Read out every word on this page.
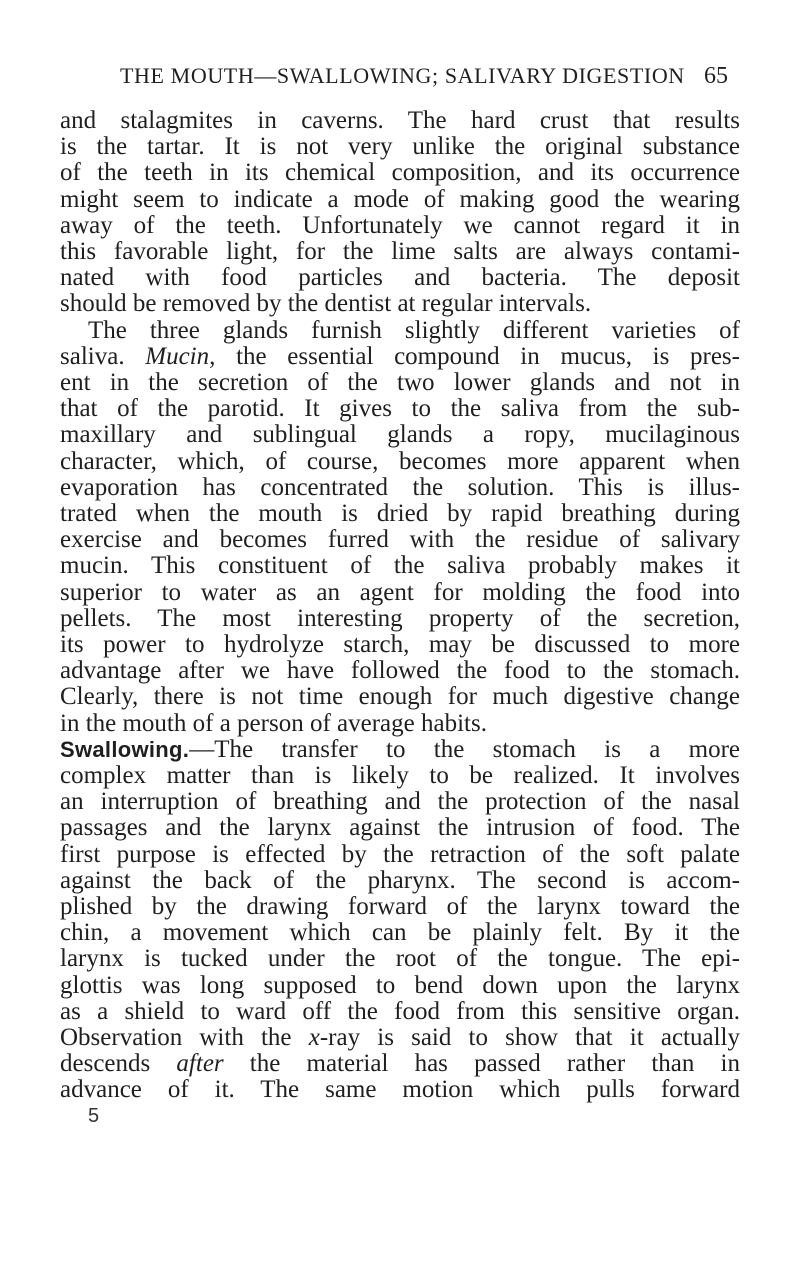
THE MOUTH—SWALLOWING; SALIVARY DIGESTION 65
and stalagmites in caverns. The hard crust that results
is the tartar. It is not very unlike the original substance
of the teeth in its chemical composition, and its occurrence
might seem to indicate a mode of making good the wearing
away of the teeth. Unfortunately we cannot regard it in
this favorable light, for the lime salts are always contami-
nated with food particles and bacteria. The deposit
should be removed by the dentist at regular intervals.
The three glands furnish slightly different varieties of
saliva. Mucin, the essential compound in mucus, is pres-
ent in the secretion of the two lower glands and not in
that of the parotid. It gives to the saliva from the sub-
maxillary and sublingual glands a ropy, mucilaginous
character, which, of course, becomes more apparent when
evaporation has concentrated the solution. This is illus-
trated when the mouth is dried by rapid breathing during
exercise and becomes furred with the residue of salivary
mucin. This constituent of the saliva probably makes it
superior to water as an agent for molding the food into
pellets. The most interesting property of the secretion,
its power to hydrolyze starch, may be discussed to more
advantage after we have followed the food to the stomach.
Clearly, there is not time enough for much digestive change
in the mouth of a person of average habits.
Swallowing.—The transfer to the stomach is a more
complex matter than is likely to be realized. It involves
an interruption of breathing and the protection of the nasal
passages and the larynx against the intrusion of food. The
first purpose is effected by the retraction of the soft palate
against the back of the pharynx. The second is accom-
plished by the drawing forward of the larynx toward the
chin, a movement which can be plainly felt. By it the
larynx is tucked under the root of the tongue. The epi-
glottis was long supposed to bend down upon the larynx
as a shield to ward off the food from this sensitive organ.
Observation with the x-ray is said to show that it actually
descends after the material has passed rather than in
advance of it. The same motion which pulls forward
5
